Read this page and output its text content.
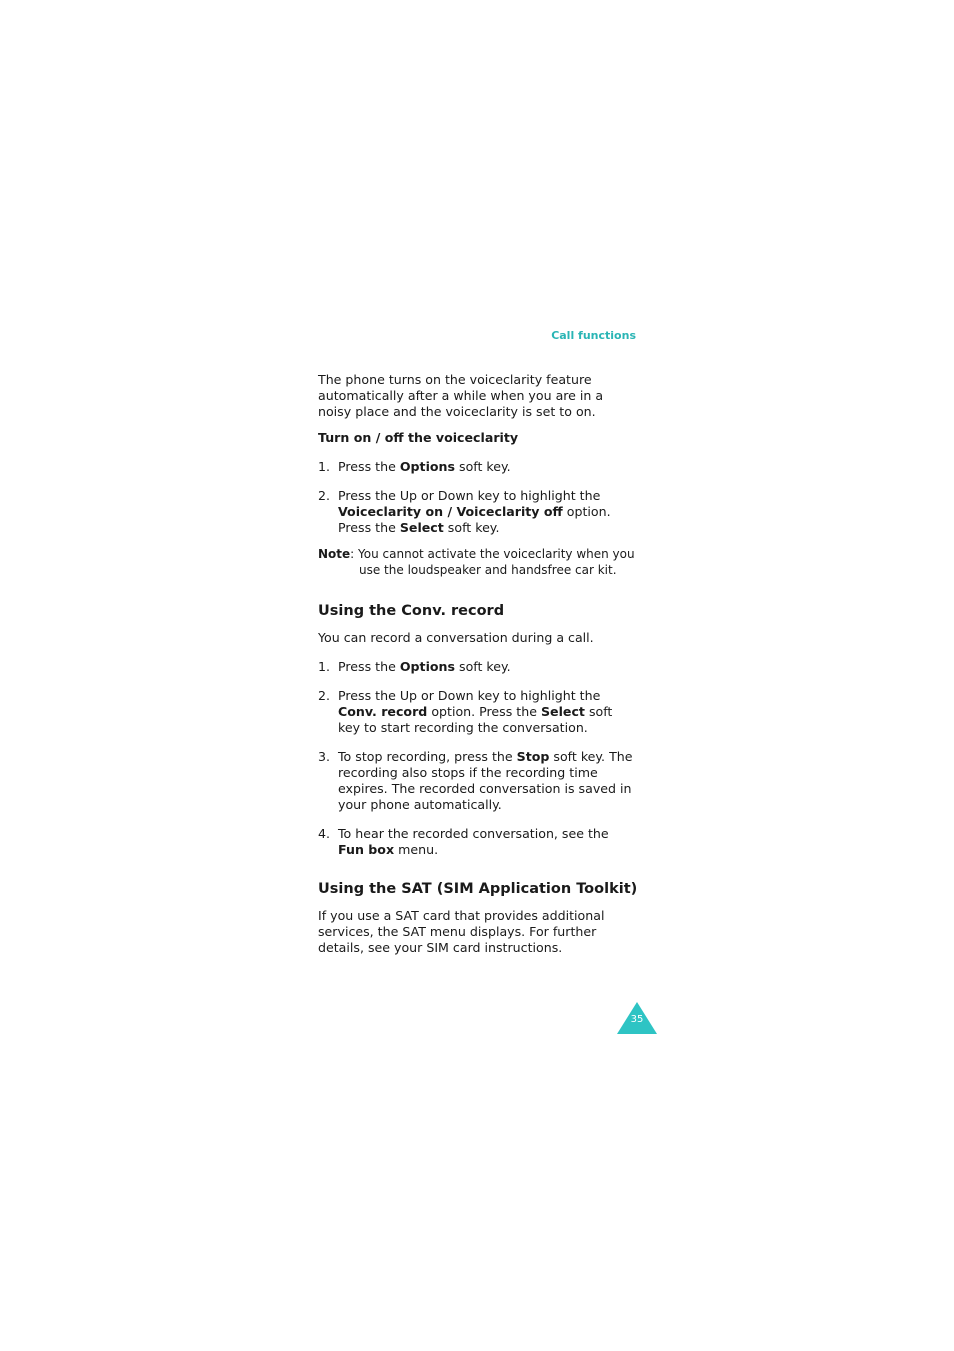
Call functions

The phone turns on the voiceclarity feature automatically after a while when you are in a noisy place and the voiceclarity is set to on.

Turn on / off the voiceclarity

1. Press the Options soft key.
2. Press the Up or Down key to highlight the Voiceclarity on / Voiceclarity off option. Press the Select soft key.
Note: You cannot activate the voiceclarity when you
use the loudspeaker and handsfree car kit.
Using the Conv. record

You can record a conversation during a call.

1. Press the Options soft key.
2. Press the Up or Down key to highlight the Conv. record option. Press the Select soft key to start recording the conversation.
3. To stop recording, press the Stop soft key. The recording also stops if the recording time expires. The recorded conversation is saved in your phone automatically.
4. To hear the recorded conversation, see the Fun box menu.
Using the SAT (SIM Application Toolkit)

If you use a SAT card that provides additional services, the SAT menu displays. For further details, see your SIM card instructions.

35
